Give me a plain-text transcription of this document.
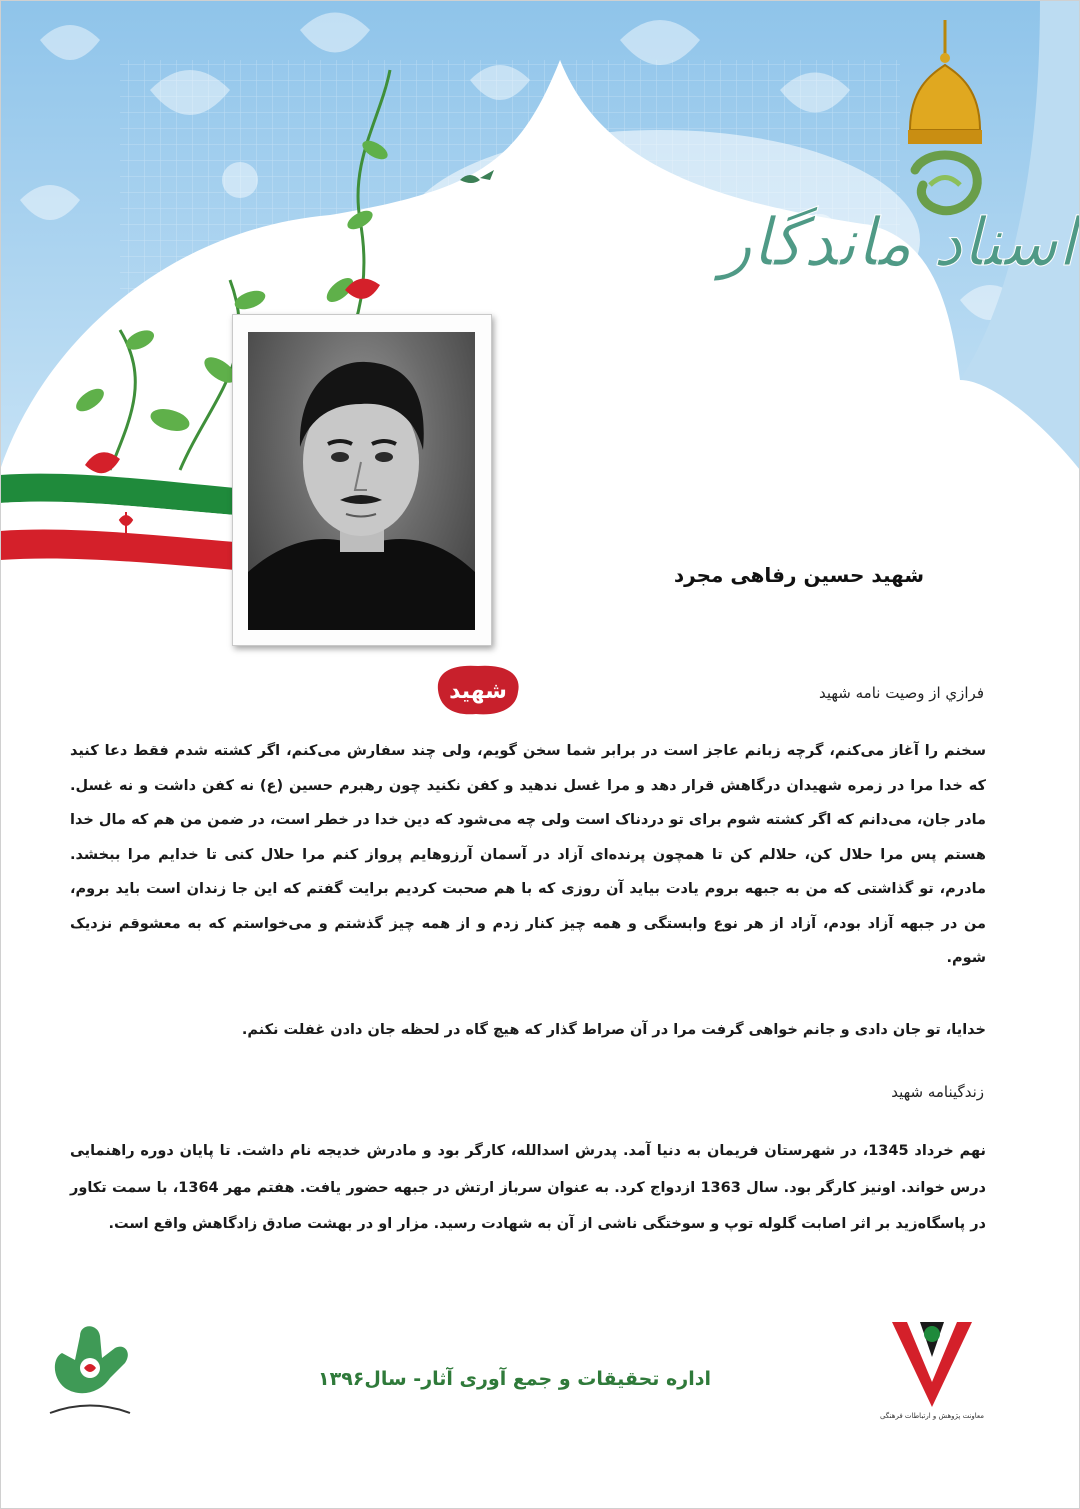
اسناد ماندگار
شهید
شهید حسین رفاهی مجرد
فرازي از وصيت نامه شهيد
سخنم را آغاز می‌کنم، گرچه زبانم عاجز است در برابر شما سخن گویم، ولی چند سفارش می‌کنم، اگر کشته شدم فقط دعا کنید که خدا مرا در زمره شهیدان درگاهش قرار دهد و مرا غسل ندهید و کفن نکنید چون رهبرم حسین (ع) نه کفن داشت و نه غسل. مادر جان، می‌دانم که اگر کشته شوم برای تو دردناک است ولی چه می‌شود که دین خدا در خطر است، در ضمن من هم که مال خدا هستم پس مرا حلال کن، حلالم کن تا همچون پرنده‌ای آزاد در آسمان آرزوهایم پرواز کنم مرا حلال کنی تا خدایم مرا ببخشد. مادرم، تو گذاشتی که من به جبهه بروم یادت بیاید آن روزی که با هم صحبت کردیم برایت گفتم که این جا زندان است باید بروم، من در جبهه آزاد بودم، آزاد از هر نوع وابستگی و همه چیز کنار زدم و از همه چیز گذشتم و می‌خواستم که به معشوقم نزدیک شوم.
خدایا، تو جان دادی و جانم خواهی گرفت مرا در آن صراط گذار که هیچ گاه در لحظه جان دادن غفلت نکنم.
زندگينامه شهيد
نهم خرداد 1345، در شهرستان فریمان به دنیا آمد. پدرش اسدالله، کارگر بود و مادرش خدیجه نام داشت. تا پایان دوره راهنمایی درس خواند. اونیز کارگر بود. سال 1363 ازدواج کرد. به عنوان سرباز ارتش در جبهه حضور یافت. هفتم مهر 1364، با سمت تکاور در پاسگاه‌زید بر اثر اصابت گلوله توپ و سوختگی ناشی از آن به شهادت رسید. مزار او در بهشت صادق زادگاهش واقع است.
اداره تحقیقات و جمع آوری آثار- سال۱۳۹۶
معاونت پژوهش و ارتباطات فرهنگی
